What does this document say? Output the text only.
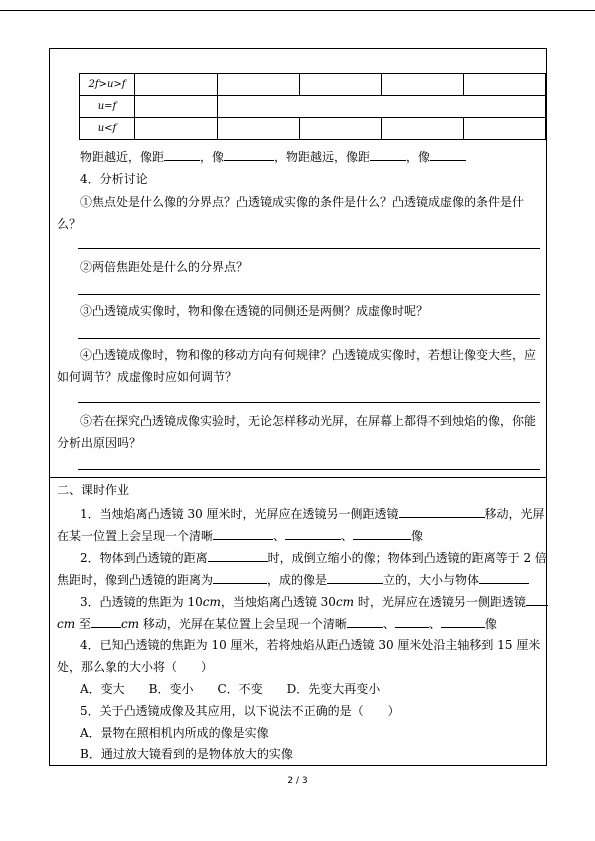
2f>u>f					
u=f					
u<f					
物距越近，像距	，像	，物距越远，像距	，像
4．分析讨论
①焦点处是什么像的分界点？凸透镜成实像的条件是什么？凸透镜成虚像的条件是什
么？
②两倍焦距处是什么的分界点？
③凸透镜成实像时，物和像在透镜的同侧还是两侧？成虚像时呢？
④凸透镜成像时，物和像的移动方向有何规律？凸透镜成实像时，若想让像变大些，应
如何调节？成虚像时应如何调节？
⑤若在探究凸透镜成像实验时，无论怎样移动光屏，在屏幕上都得不到烛焰的像，你能
分析出原因吗？
二、课时作业
1．当烛焰离凸透镜 30 厘米时，光屏应在透镜另一侧距透镜	移动，光屏
在某一位置上会呈现一个清晰	、	、	像
2．物体到凸透镜的距离	时，成倒立缩小的像；物体到凸透镜的距离等于 2 倍
焦距时，像到凸透镜的距离为	，成的像是	立的，大小与物体
3．凸透镜的焦距为 10cm，当烛焰离凸透镜 30cm 时，光屏应在透镜另一侧距透镜
cm 至	cm 移动，光屏在某位置上会呈现一个清晰	、	、	像
4．已知凸透镜的焦距为 10 厘米，若将烛焰从距凸透镜 30 厘米处沿主轴移到 15 厘米
处，那么象的大小将（　　）
A．变大　　B．变小　　C．不变　　D．先变大再变小
5．关于凸透镜成像及其应用，以下说法不正确的是（　　）
A．景物在照相机内所成的像是实像
B．通过放大镜看到的是物体放大的实像
2 / 3
